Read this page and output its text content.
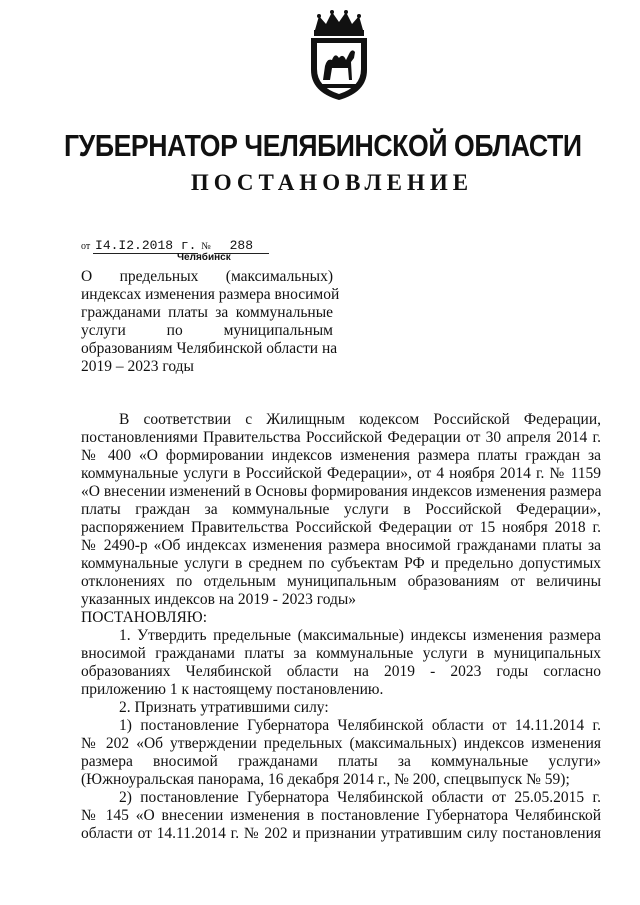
ГУБЕРНАТОР ЧЕЛЯБИНСКОЙ ОБЛАСТИ
ПОСТАНОВЛЕНИЕ
от I4.I2.2018 г. № 288
Челябинск
О предельных (максимальных)
индексах изменения размера вносимой
гражданами платы за коммунальные
услуги по муниципальным
образованиям Челябинской области на
2019 – 2023 годы

В соответствии с Жилищным кодексом Российской Федерации,

постановлениями Правительства Российской Федерации от 30 апреля 2014 г.

№ 400 «О формировании индексов изменения размера платы граждан за

коммунальные услуги в Российской Федерации», от 4 ноября 2014 г. № 1159

«О внесении изменений в Основы формирования индексов изменения размера

платы граждан за коммунальные услуги в Российской Федерации»,

распоряжением Правительства Российской Федерации от 15 ноября 2018 г.

№ 2490-р «Об индексах изменения размера вносимой гражданами платы за

коммунальные услуги в среднем по субъектам РФ и предельно допустимых

отклонениях по отдельным муниципальным образованиям от величины

указанных индексов на 2019 - 2023 годы»

ПОСТАНОВЛЯЮ:

1. Утвердить предельные (максимальные) индексы изменения размера

вносимой гражданами платы за коммунальные услуги в муниципальных

образованиях Челябинской области на 2019 - 2023 годы согласно

приложению 1 к настоящему постановлению.

2. Признать утратившими силу:

1) постановление Губернатора Челябинской области от 14.11.2014 г.

№ 202 «Об утверждении предельных (максимальных) индексов изменения

размера вносимой гражданами платы за коммунальные услуги»

(Южноуральская панорама, 16 декабря 2014 г., № 200, спецвыпуск № 59);

2) постановление Губернатора Челябинской области от 25.05.2015 г.

№ 145 «О внесении изменения в постановление Губернатора Челябинской

области от 14.11.2014 г. № 202 и признании утратившим силу постановления
